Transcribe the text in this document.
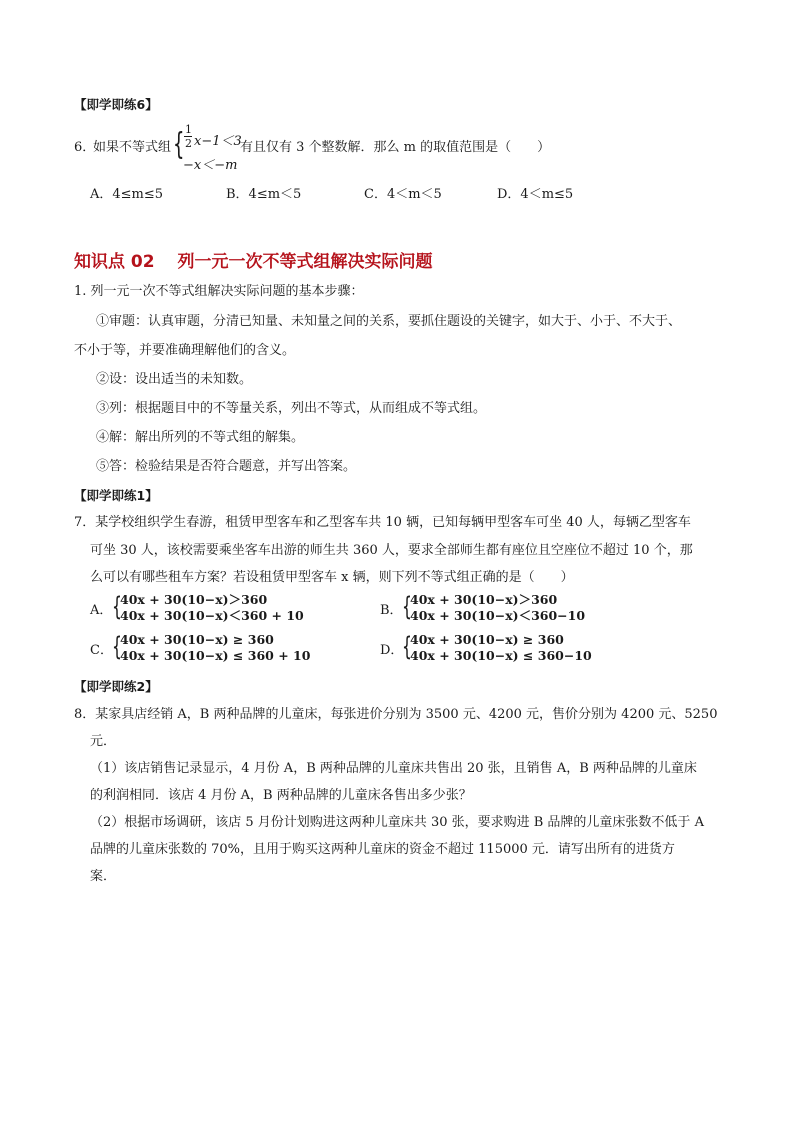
【即学即练6】
6．
如果不等式组 { 1
2 x−1＜3
−x＜−m
有且仅有 3 个整数解．那么 m 的取值范围是（　　）
A．4≤m≤5	B．4≤m＜5	C．4＜m＜5	D．4＜m≤5
知识点 02　 列一元一次不等式组解决实际问题
1. 列一元一次不等式组解决实际问题的基本步骤：
①审题：认真审题，分清已知量、未知量之间的关系，要抓住题设的关键字，如大于、小于、不大于、
不小于等，并要准确理解他们的含义。
②设：设出适当的未知数。
③列：根据题目中的不等量关系，列出不等式，从而组成不等式组。
④解：解出所列的不等式组的解集。
⑤答：检验结果是否符合题意，并写出答案。
【即学即练1】
7．某学校组织学生春游，租赁甲型客车和乙型客车共 10 辆，已知每辆甲型客车可坐 40 人，每辆乙型客车
可坐 30 人，该校需要乘坐客车出游的师生共 360 人，要求全部师生都有座位且空座位不超过 10 个，那
么可以有哪些租车方案？若设租赁甲型客车 x 辆，则下列不等式组正确的是（　　）
A． {
40x + 30(10−x)＞360
40x + 30(10−x)＜360 + 10	B． {
40x + 30(10−x)＞360
40x + 30(10−x)＜360−10
C． {
40x + 30(10−x) ≥ 360
40x + 30(10−x) ≤ 360 + 10	D．
{
40x + 30(10−x) ≥ 360
40x + 30(10−x) ≤ 360−10
【即学即练2】
8．某家具店经销 A，B 两种品牌的儿童床，每张进价分别为 3500 元、4200 元，售价分别为 4200 元、5250
元．
（1）该店销售记录显示，4 月份 A，B 两种品牌的儿童床共售出 20 张，且销售 A，B 两种品牌的儿童床
的利润相同．该店 4 月份 A，B 两种品牌的儿童床各售出多少张？
（2）根据市场调研，该店 5 月份计划购进这两种儿童床共 30 张，要求购进 B 品牌的儿童床张数不低于 A
品牌的儿童床张数的 70%，且用于购买这两种儿童床的资金不超过 115000 元．请写出所有的进货方
案．
